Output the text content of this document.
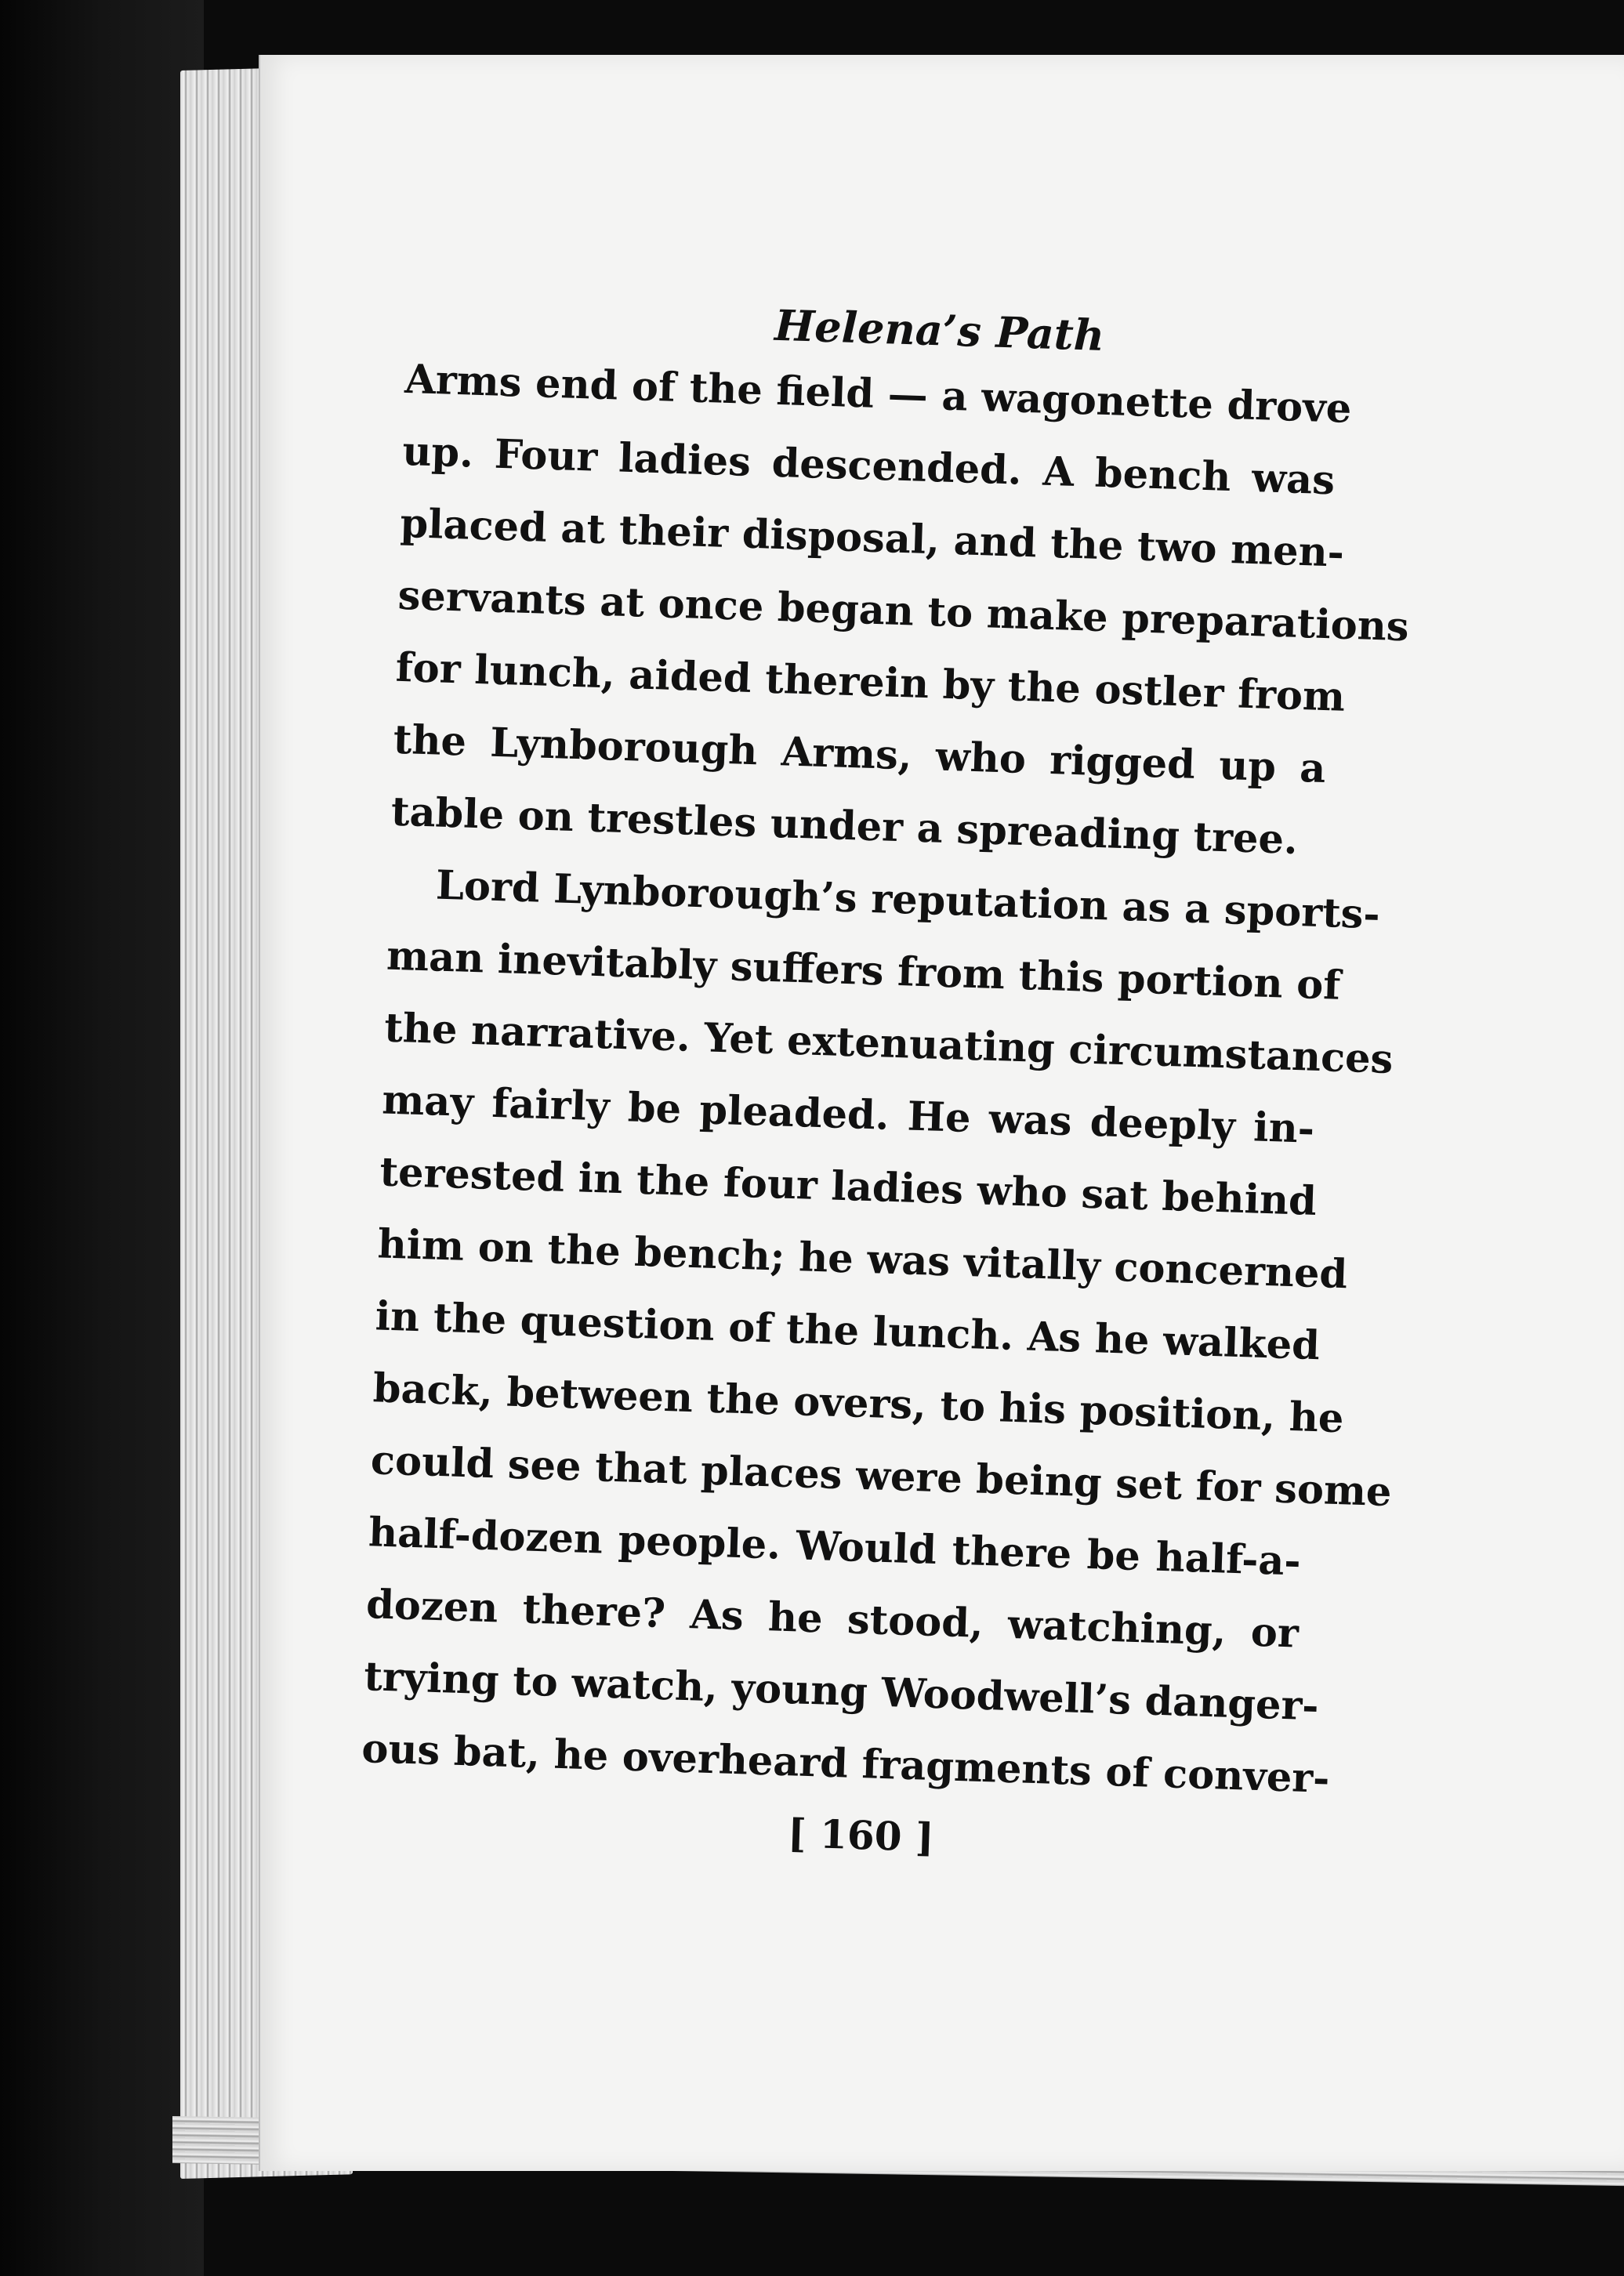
Helena’s Path
Arms end of the field — a wagonette drove
up. Four ladies descended. A bench was
placed at their disposal, and the two men-
servants at once began to make preparations
for lunch, aided therein by the ostler from
the Lynborough Arms, who rigged up a
table on trestles under a spreading tree.
Lord Lynborough’s reputation as a sports-
man inevitably suffers from this portion of
the narrative. Yet extenuating circumstances
may fairly be pleaded. He was deeply in-
terested in the four ladies who sat behind
him on the bench; he was vitally concerned
in the question of the lunch. As he walked
back, between the overs, to his position, he
could see that places were being set for some
half-dozen people. Would there be half-a-
dozen there? As he stood, watching, or
trying to watch, young Woodwell’s danger-
ous bat, he overheard fragments of conver-
[ 160 ]
